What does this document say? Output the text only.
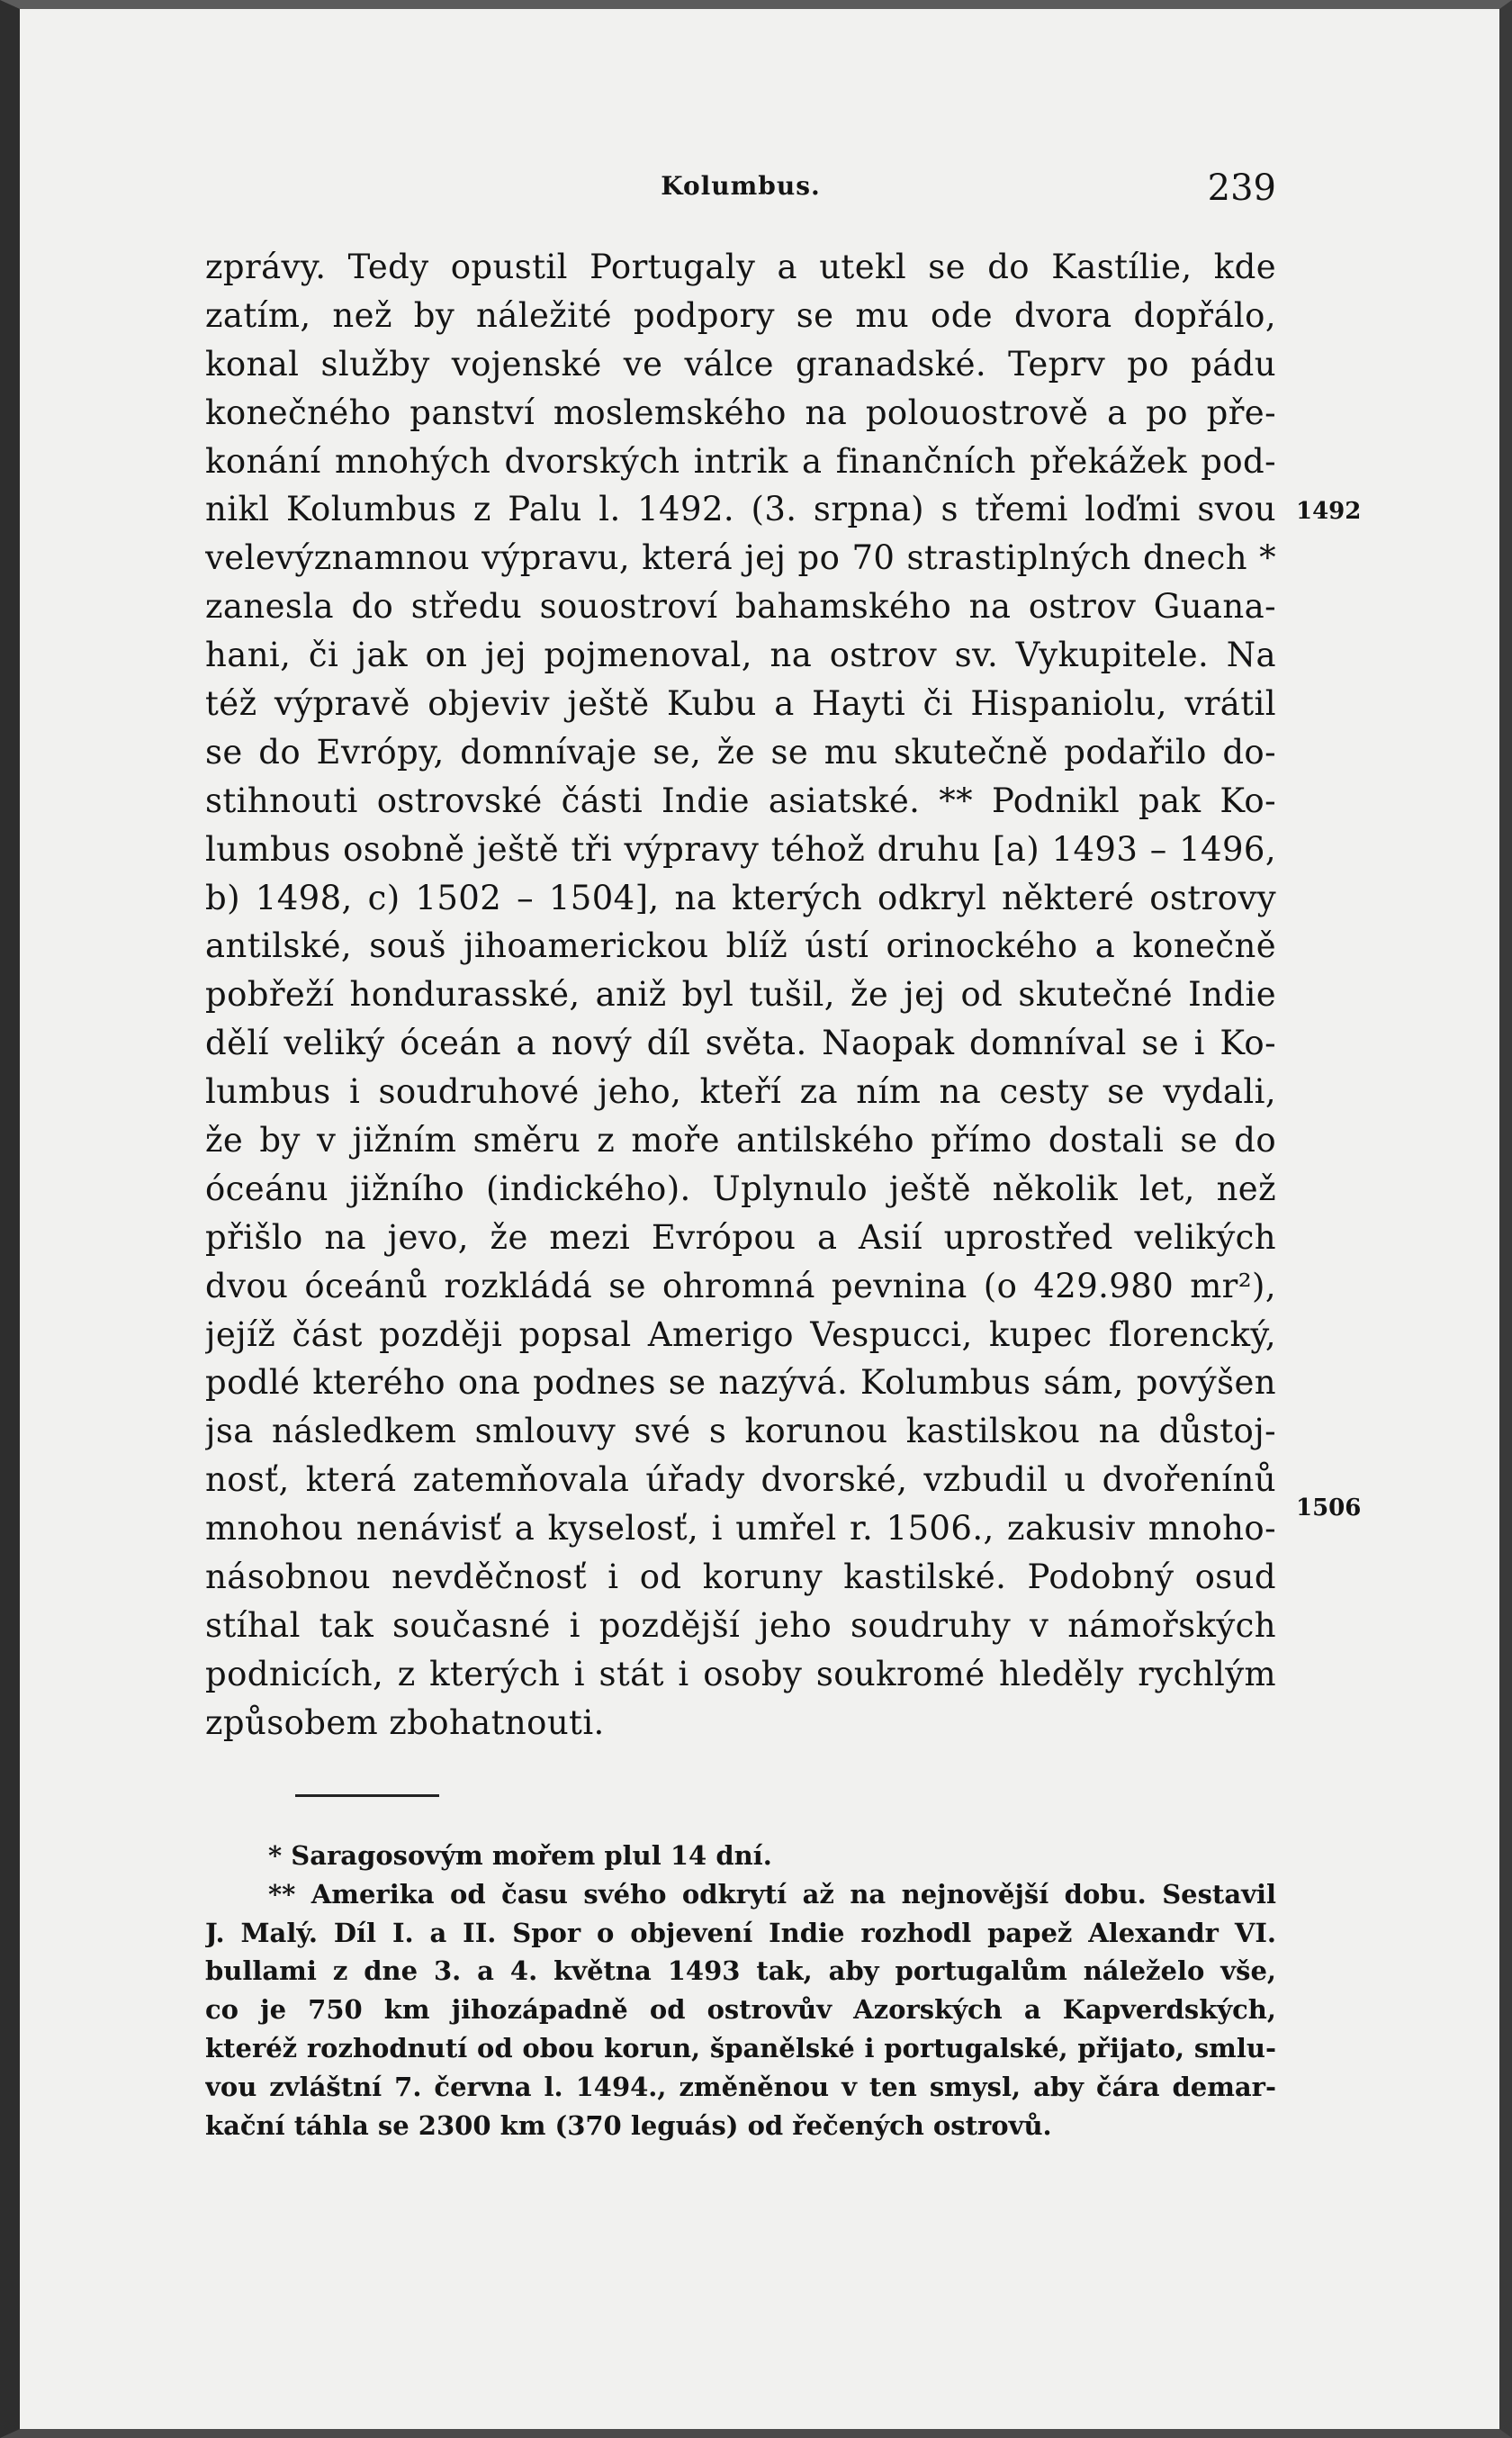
Kolumbus.	239
zprávy. Tedy opustil Portugaly a utekl se do Kastílie, kde
zatím, než by náležité podpory se mu ode dvora dopřálo,
konal služby vojenské ve válce granadské. Teprv po pádu
konečného panství moslemského na polouostrově a po pře-
konání mnohých dvorských intrik a finančních překážek pod-
nikl Kolumbus z Palu l. 1492. (3. srpna) s třemi loďmi svou
velevýznamnou výpravu, která jej po 70 strastiplných dnech *
zanesla do středu souostroví bahamského na ostrov Guana-
hani, či jak on jej pojmenoval, na ostrov sv. Vykupitele. Na
též výpravě objeviv ještě Kubu a Hayti či Hispaniolu, vrátil
se do Evrópy, domnívaje se, že se mu skutečně podařilo do-
stihnouti ostrovské části Indie asiatské. ** Podnikl pak Ko-
lumbus osobně ještě tři výpravy téhož druhu [a) 1493 – 1496,
b) 1498, c) 1502 – 1504], na kterých odkryl některé ostrovy
antilské, souš jihoamerickou blíž ústí orinockého a konečně
pobřeží hondurasské, aniž byl tušil, že jej od skutečné Indie
dělí veliký óceán a nový díl světa. Naopak domníval se i Ko-
lumbus i soudruhové jeho, kteří za ním na cesty se vydali,
že by v jižním směru z moře antilského přímo dostali se do
óceánu jižního (indického). Uplynulo ještě několik let, než
přišlo na jevo, že mezi Evrópou a Asií uprostřed velikých
dvou óceánů rozkládá se ohromná pevnina (o 429.980 mr²),
jejíž část později popsal Amerigo Vespucci, kupec florencký,
podlé kterého ona podnes se nazývá. Kolumbus sám, povýšen
jsa následkem smlouvy své s korunou kastilskou na důstoj-
nosť, která zatemňovala úřady dvorské, vzbudil u dvořenínů
mnohou nenávisť a kyselosť, i umřel r. 1506., zakusiv mnoho-
násobnou nevděčnosť i od koruny kastilské. Podobný osud
stíhal tak současné i pozdější jeho soudruhy v námořských
podnicích, z kterých i stát i osoby soukromé hleděly rychlým
způsobem zbohatnouti.
1492
1506
* Saragosovým mořem plul 14 dní.
** Amerika od času svého odkrytí až na nejnovější dobu. Sestavil
J. Malý. Díl I. a II. Spor o objevení Indie rozhodl papež Alexandr VI.
bullami z dne 3. a 4. května 1493 tak, aby portugalům náleželo vše,
co je 750 km jihozápadně od ostrovův Azorských a Kapverdských,
kteréž rozhodnutí od obou korun, španělské i portugalské, přijato, smlu-
vou zvláštní 7. června l. 1494., změněnou v ten smysl, aby čára demar-
kační táhla se 2300 km (370 leguás) od řečených ostrovů.
